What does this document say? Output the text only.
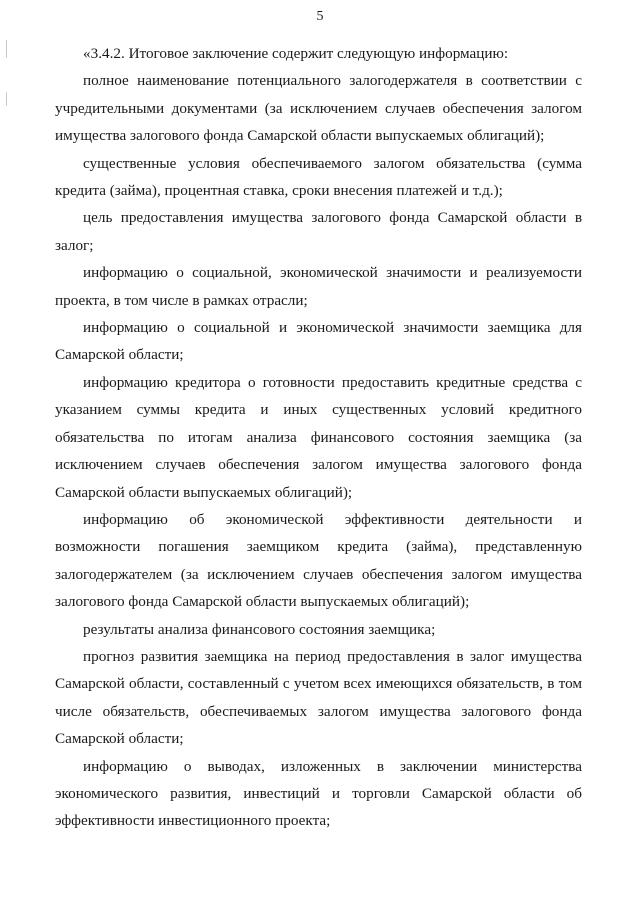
5

«3.4.2. Итоговое заключение содержит следующую информацию:

полное наименование потенциального залогодержателя в соответствии с учредительными документами (за исключением случаев обеспечения залогом имущества залогового фонда Самарской области выпускаемых облигаций);

существенные условия обеспечиваемого залогом обязательства (сумма кредита (займа), процентная ставка, сроки внесения платежей и т.д.);

цель предоставления имущества залогового фонда Самарской области в залог;

информацию о социальной, экономической значимости и реализуемости проекта, в том числе в рамках отрасли;

информацию о социальной и экономической значимости заемщика для Самарской области;

информацию кредитора о готовности предоставить кредитные средства с указанием суммы кредита и иных существенных условий кредитного обязательства по итогам анализа финансового состояния заемщика (за исключением случаев обеспечения залогом имущества залогового фонда Самарской области выпускаемых облигаций);

информацию об экономической эффективности деятельности и возможности погашения заемщиком кредита (займа), представленную залогодержателем (за исключением случаев обеспечения залогом имущества залогового фонда Самарской области выпускаемых облигаций);

результаты анализа финансового состояния заемщика;

прогноз развития заемщика на период предоставления в залог имущества Самарской области, составленный с учетом всех имеющихся обязательств, в том числе обязательств, обеспечиваемых залогом имущества залогового фонда Самарской области;

информацию о выводах, изложенных в заключении министерства экономического развития, инвестиций и торговли Самарской области об эффективности инвестиционного проекта;
